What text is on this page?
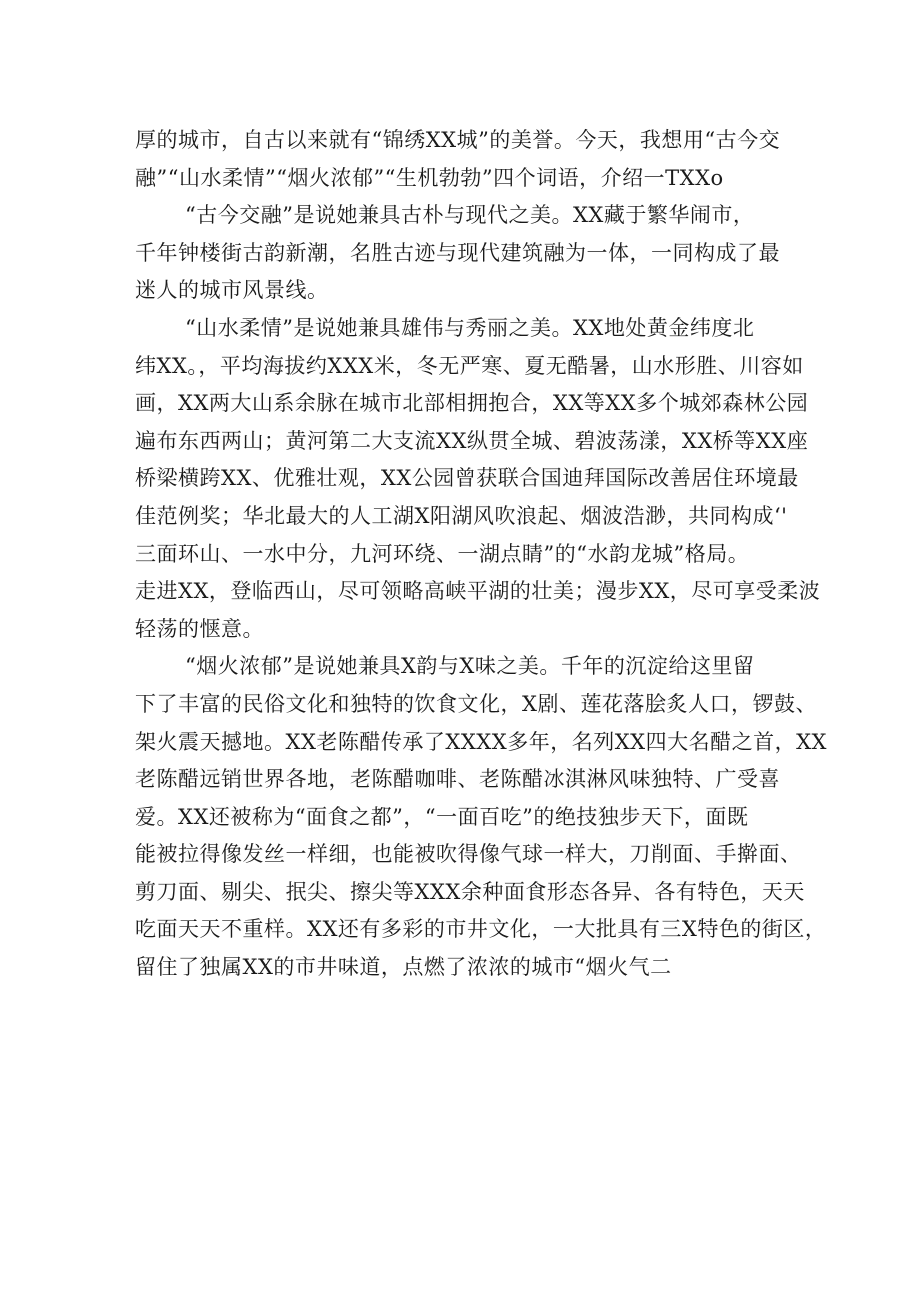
厚的城市，自古以来就有“锦绣XX城”的美誉。今天，我想用“古今交
融”“山水柔情”“烟火浓郁”“生机勃勃”四个词语，介绍一TXXo
“古今交融”是说她兼具古朴与现代之美。XX藏于繁华闹市，
千年钟楼街古韵新潮，名胜古迹与现代建筑融为一体，一同构成了最
迷人的城市风景线。
“山水柔情”是说她兼具雄伟与秀丽之美。XX地处黄金纬度北
纬XX。，平均海拔约XXX米，冬无严寒、夏无酷暑，山水形胜、川容如
画，XX两大山系余脉在城市北部相拥抱合，XX等XX多个城郊森林公园
遍布东西两山；黄河第二大支流XX纵贯全城、碧波荡漾，XX桥等XX座
桥梁横跨XX、优雅壮观，XX公园曾获联合国迪拜国际改善居住环境最
佳范例奖；华北最大的人工湖X阳湖风吹浪起、烟波浩渺，共同构成‘'
三面环山、一水中分，九河环绕、一湖点睛”的“水韵龙城”格局。
走进XX，登临西山，尽可领略高峡平湖的壮美；漫步XX，尽可享受柔波
轻荡的惬意。
“烟火浓郁”是说她兼具X韵与X味之美。千年的沉淀给这里留
下了丰富的民俗文化和独特的饮食文化，X剧、莲花落脍炙人口，锣鼓、
架火震天撼地。XX老陈醋传承了XXXX多年，名列XX四大名醋之首，XX
老陈醋远销世界各地，老陈醋咖啡、老陈醋冰淇淋风味独特、广受喜
爱。XX还被称为“面食之都”，“一面百吃”的绝技独步天下，面既
能被拉得像发丝一样细，也能被吹得像气球一样大，刀削面、手擀面、
剪刀面、剔尖、抿尖、擦尖等XXX余种面食形态各异、各有特色，天天
吃面天天不重样。XX还有多彩的市井文化，一大批具有三X特色的街区，
留住了独属XX的市井味道，点燃了浓浓的城市“烟火气二
